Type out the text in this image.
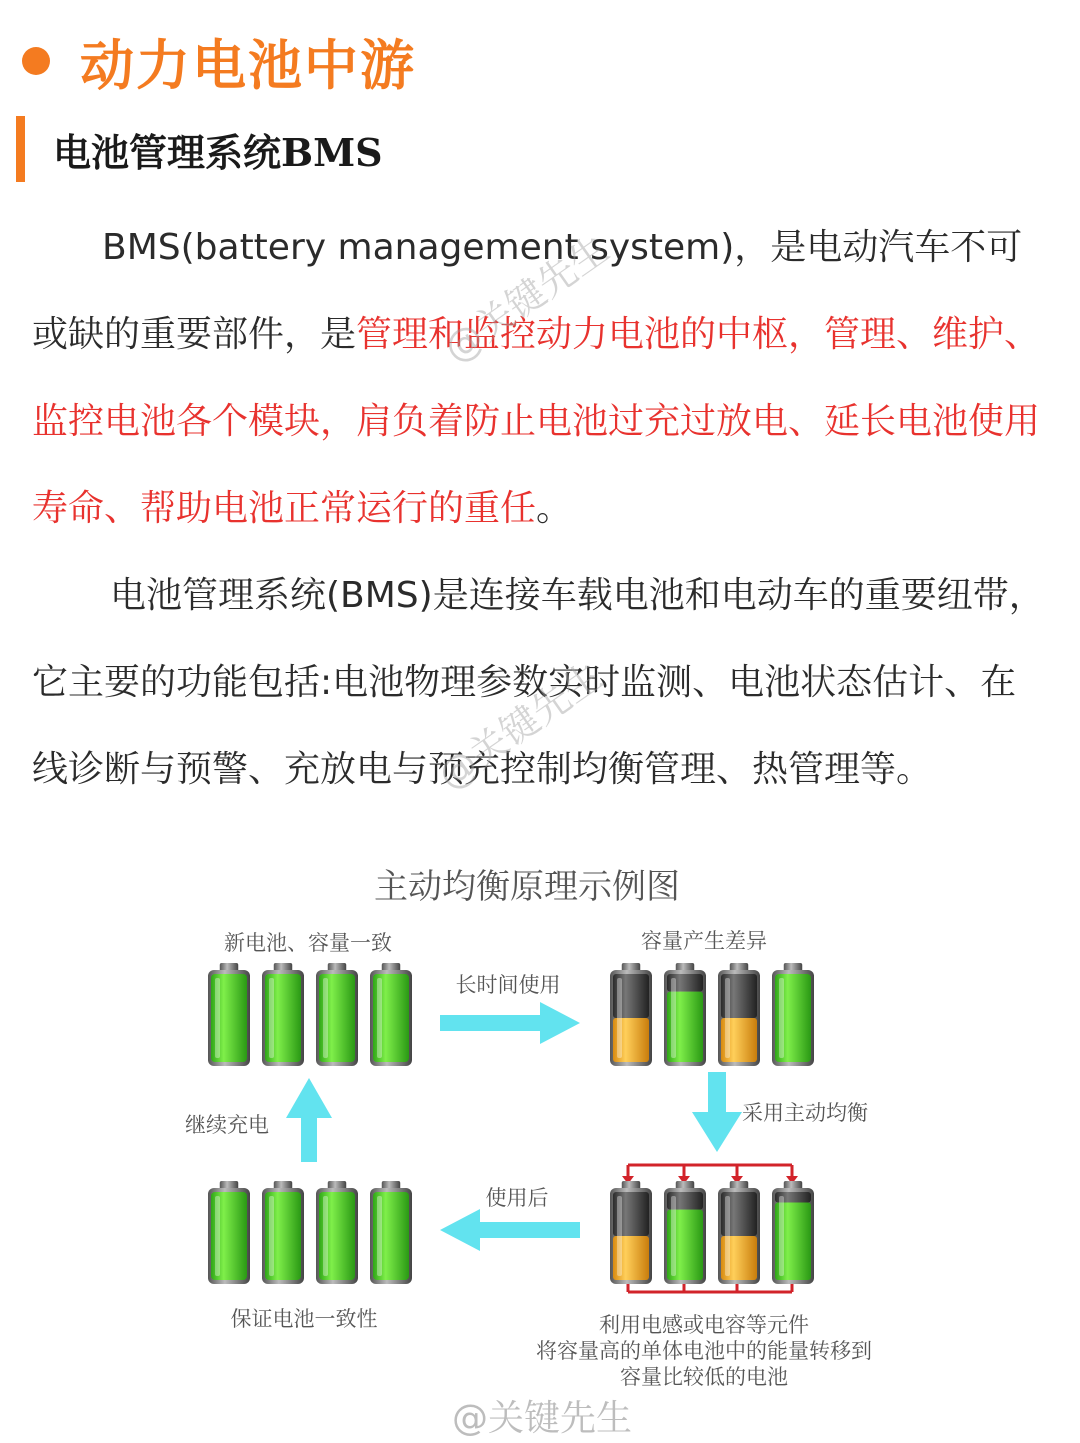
动力电池中游
电池管理系统BMS

BMS(battery management system)，是电动汽车不可或缺的重要部件，是管理和监控动力电池的中枢，管理、维护、监控电池各个模块，肩负着防止电池过充过放电、延长电池使用寿命、帮助电池正常运行的重任。

电池管理系统(BMS)是连接车载电池和电动车的重要纽带，它主要的功能包括:电池物理参数实时监测、电池状态估计、在线诊断与预警、充放电与预充控制均衡管理、热管理等。

@关键先生
@关键先生
主动均衡原理示例图
新电池、容量一致	容量产生差异
长时间使用
采用主动均衡
使用后
继续充电
保证电池一致性	利用电感或电容等元件
将容量高的单体电池中的能量转移到
容量比较低的电池
@关键先生
